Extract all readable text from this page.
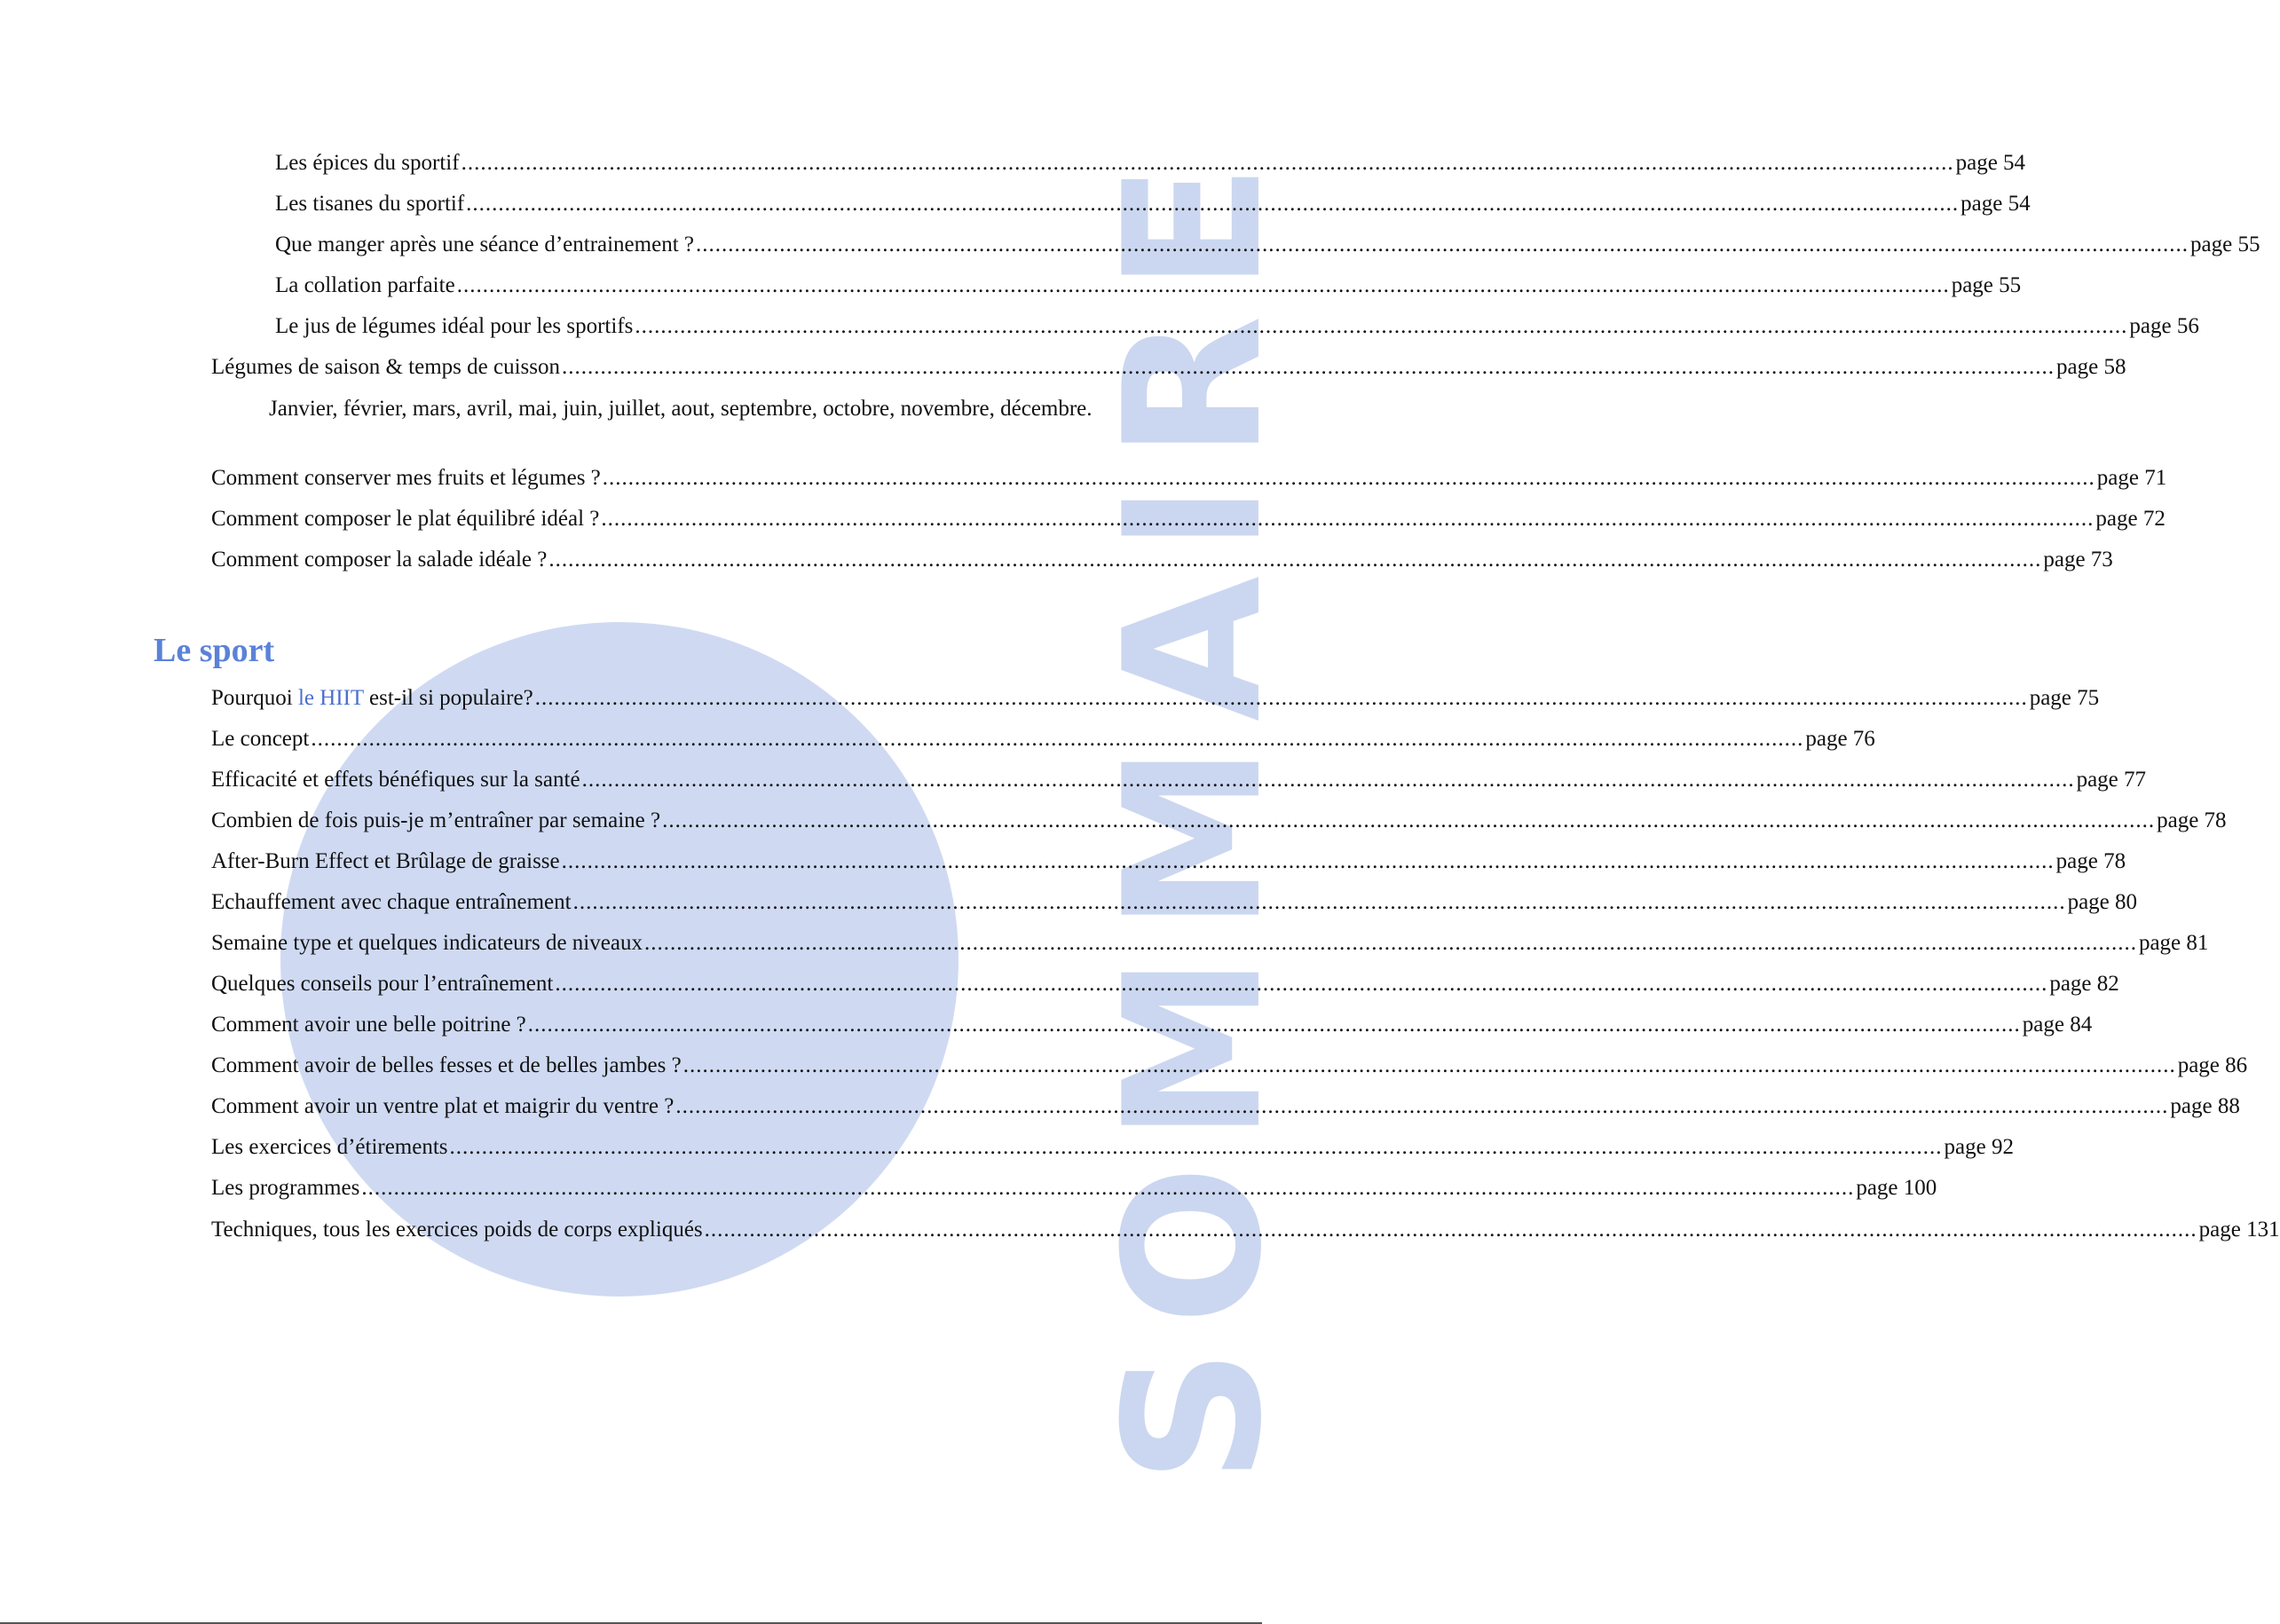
SOMMAIRE
Les épices du sportif .....	page 54
Les tisanes du sportif .....	page 54
Que manger après une séance d’entrainement ? .....	page 55
La collation parfaite .....	page 55
Le jus de légumes idéal pour les sportifs .....	page 56
Légumes de saison & temps de cuisson .....	page 58
Janvier, février, mars, avril, mai, juin, juillet, aout, septembre, octobre, novembre, décembre.
Comment conserver mes fruits et légumes ? .....	page 71
Comment composer le plat équilibré idéal ? .....	page 72
Comment composer la salade idéale ? .....	page 73
Le sport
Pourquoi le HIIT est-il si populaire? .....	page 75
Le concept .....	page 76
Efficacité et effets bénéfiques sur la santé .....	page 77
Combien de fois puis-je m’entraîner par semaine ? .....	page 78
After-Burn Effect et Brûlage de graisse .....	page 78
Echauffement avec chaque entraînement .....	page 80
Semaine type et quelques indicateurs de niveaux .....	page 81
Quelques conseils pour l’entraînement .....	page 82
Comment avoir une belle poitrine ? .....	page 84
Comment avoir de belles fesses et de belles jambes ? .....	page 86
Comment avoir un ventre plat et maigrir du ventre ? .....	page 88
Les exercices d’étirements .....	page 92
Les programmes .....	page 100
Techniques, tous les exercices poids de corps expliqués .....	page 131
